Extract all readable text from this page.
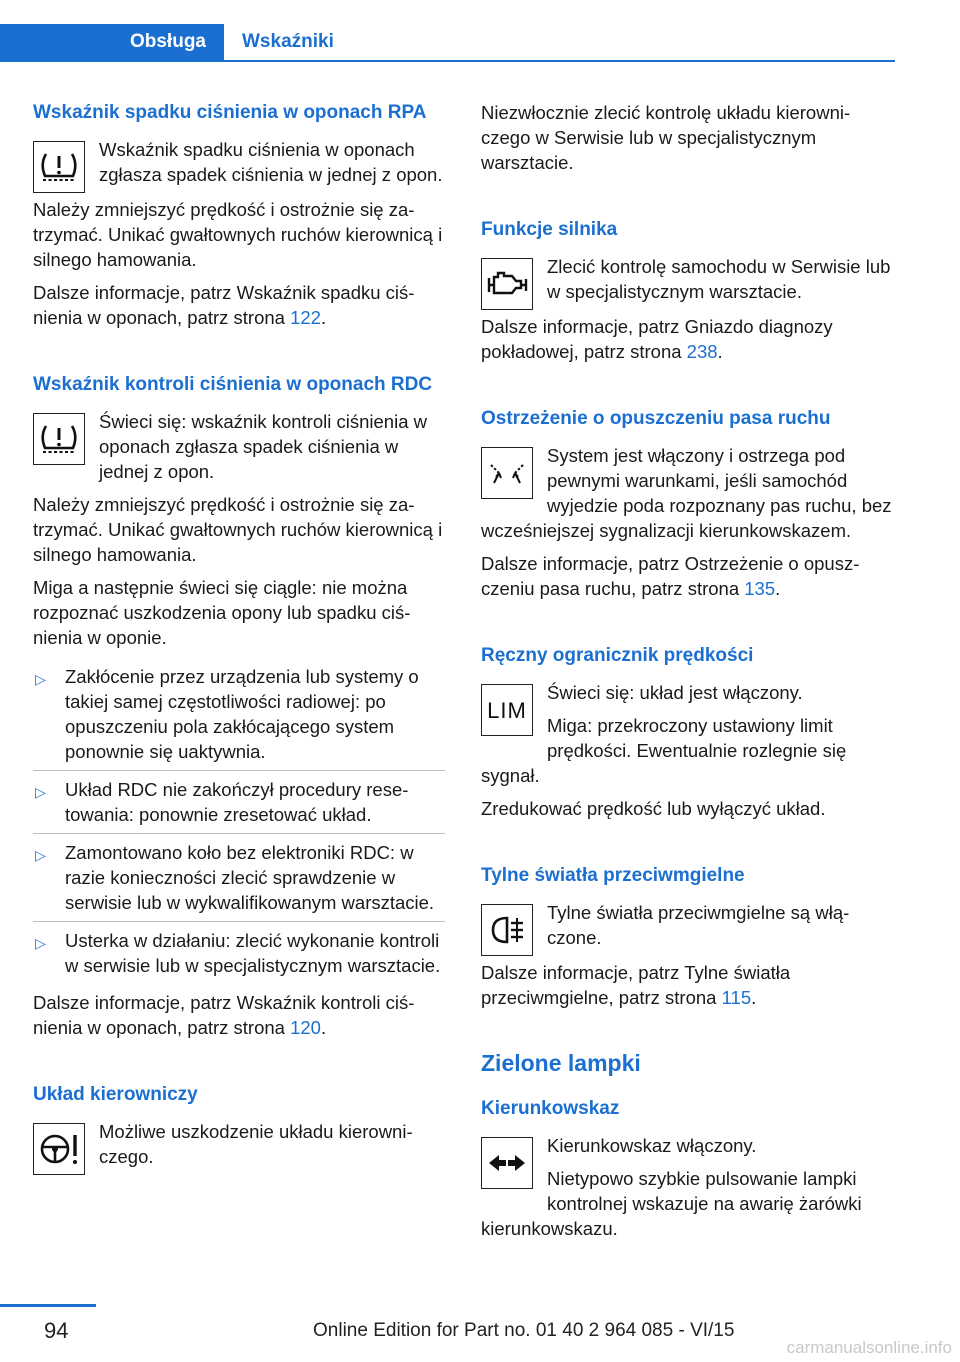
Obsługa	Wskaźniki
Wskaźnik spadku ciśnienia w oponach RPA

Wskaźnik spadku ciśnienia w oponach zgłasza spadek ciśnienia w jednej z opon.

Należy zmniejszyć prędkość i ostrożnie się zatrzymać. Unikać gwałtownych ruchów kierownicą i silnego hamowania.

Dalsze informacje, patrz Wskaźnik spadku ciśnienia w oponach, patrz strona 122.

Wskaźnik kontroli ciśnienia w oponach RDC

Świeci się: wskaźnik kontroli ciśnienia w oponach zgłasza spadek ciśnienia w jednej z opon.

Należy zmniejszyć prędkość i ostrożnie się zatrzymać. Unikać gwałtownych ruchów kierownicą i silnego hamowania.

Miga a następnie świeci się ciągle: nie można rozpoznać uszkodzenia opony lub spadku ciśnienia w oponie.

▷ Zakłócenie przez urządzenia lub systemy o takiej samej częstotliwości radiowej: po opuszczeniu pola zakłócającego system ponownie się uaktywnia.
▷ Układ RDC nie zakończył procedury resetowania: ponownie zresetować układ.
▷ Zamontowano koło bez elektroniki RDC: w razie konieczności zlecić sprawdzenie w serwisie lub w wykwalifikowanym warsztacie.
▷ Usterka w działaniu: zlecić wykonanie kontroli w serwisie lub w specjalistycznym warsztacie.

Dalsze informacje, patrz Wskaźnik kontroli ciśnienia w oponach, patrz strona 120.

Układ kierowniczy

Możliwe uszkodzenie układu kierowniczego.

Niezwłocznie zlecić kontrolę układu kierowniczego w Serwisie lub w specjalistycznym warsztacie.

Funkcje silnika

Zlecić kontrolę samochodu w Serwisie lub w specjalistycznym warsztacie.

Dalsze informacje, patrz Gniazdo diagnozy pokładowej, patrz strona 238.

Ostrzeżenie o opuszczeniu pasa ruchu

System jest włączony i ostrzega pod pewnymi warunkami, jeśli samochód wyjedzie poda rozpoznany pas ruchu, bez wcześniejszej sygnalizacji kierunkowskazem.

Dalsze informacje, patrz Ostrzeżenie o opuszczeniu pasa ruchu, patrz strona 135.

Ręczny ogranicznik prędkości
LIM

Świeci się: układ jest włączony.

Miga: przekroczony ustawiony limit prędkości. Ewentualnie rozlegnie się sygnał.

Zredukować prędkość lub wyłączyć układ.

Tylne światła przeciwmgielne

Tylne światła przeciwmgielne są włączone.

Dalsze informacje, patrz Tylne światła przeciwmgielne, patrz strona 115.

Zielone lampki
Kierunkowskaz

Kierunkowskaz włączony.

Nietypowo szybkie pulsowanie lampki kontrolnej wskazuje na awarię żarówki kierunkowskazu.

94	Online Edition for Part no. 01 40 2 964 085 - VI/15
carmanualsonline.info
